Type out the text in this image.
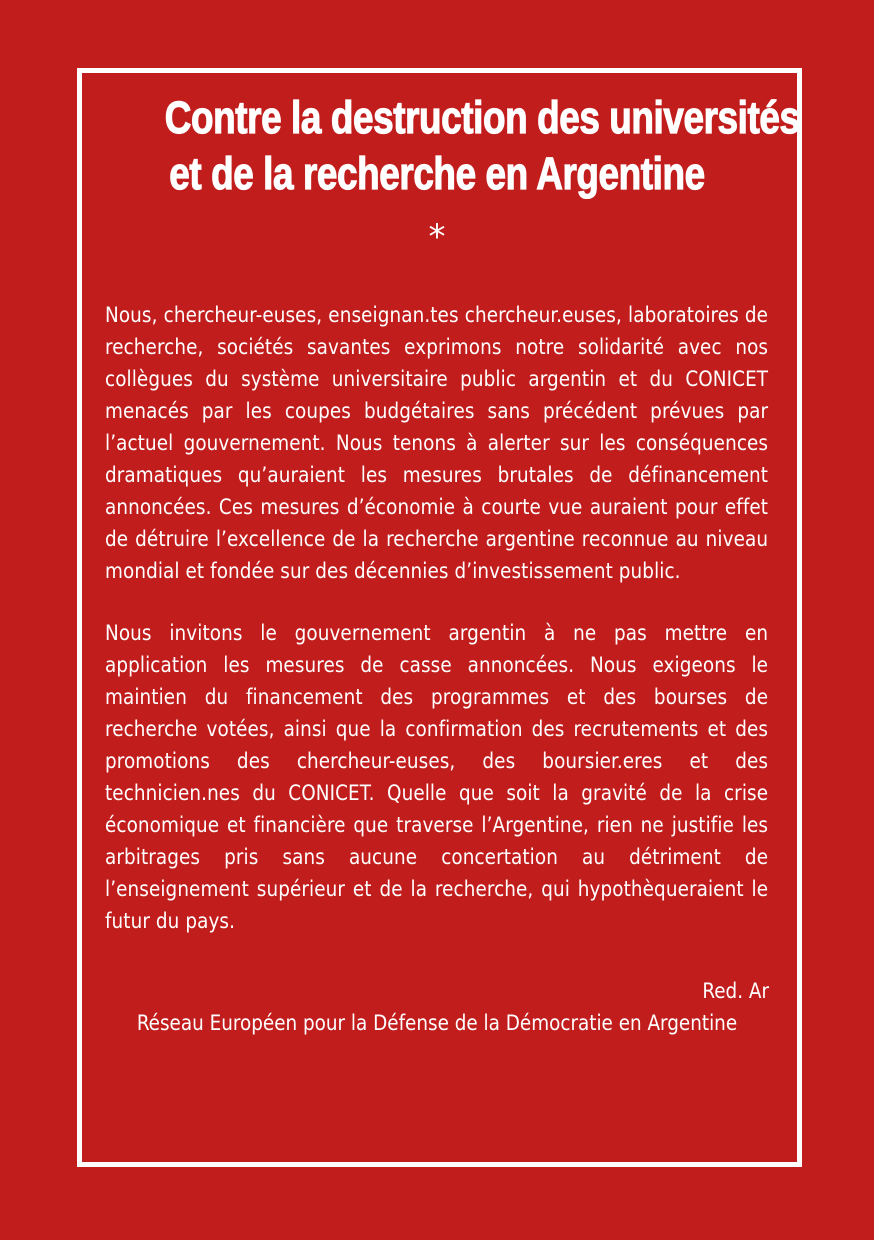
Contre la destruction des universités
et de la recherche en Argentine
*

Nous, chercheur-euses, enseignan.tes chercheur.euses, laboratoires de recherche, sociétés savantes exprimons notre solidarité avec nos collègues du système universitaire public argentin et du CONICET menacés par les coupes budgétaires sans précédent prévues par l’actuel gouvernement. Nous tenons à alerter sur les conséquences dramatiques qu’auraient les mesures brutales de définancement annoncées. Ces mesures d’économie à courte vue auraient pour effet de détruire l’excellence de la recherche argentine reconnue au niveau mondial et fondée sur des décennies d’investissement public.

Nous invitons le gouvernement argentin à ne pas mettre en application les mesures de casse annoncées. Nous exigeons le maintien du financement des programmes et des bourses de recherche votées, ainsi que la confirmation des recrutements et des promotions des chercheur-euses, des boursier.eres et des technicien.nes du CONICET. Quelle que soit la gravité de la crise économique et financière que traverse l’Argentine, rien ne justifie les arbitrages pris sans aucune concertation au détriment de l’enseignement supérieur et de la recherche, qui hypothèqueraient le futur du pays.

Red. Ar

Réseau Européen pour la Défense de la Démocratie en Argentine
